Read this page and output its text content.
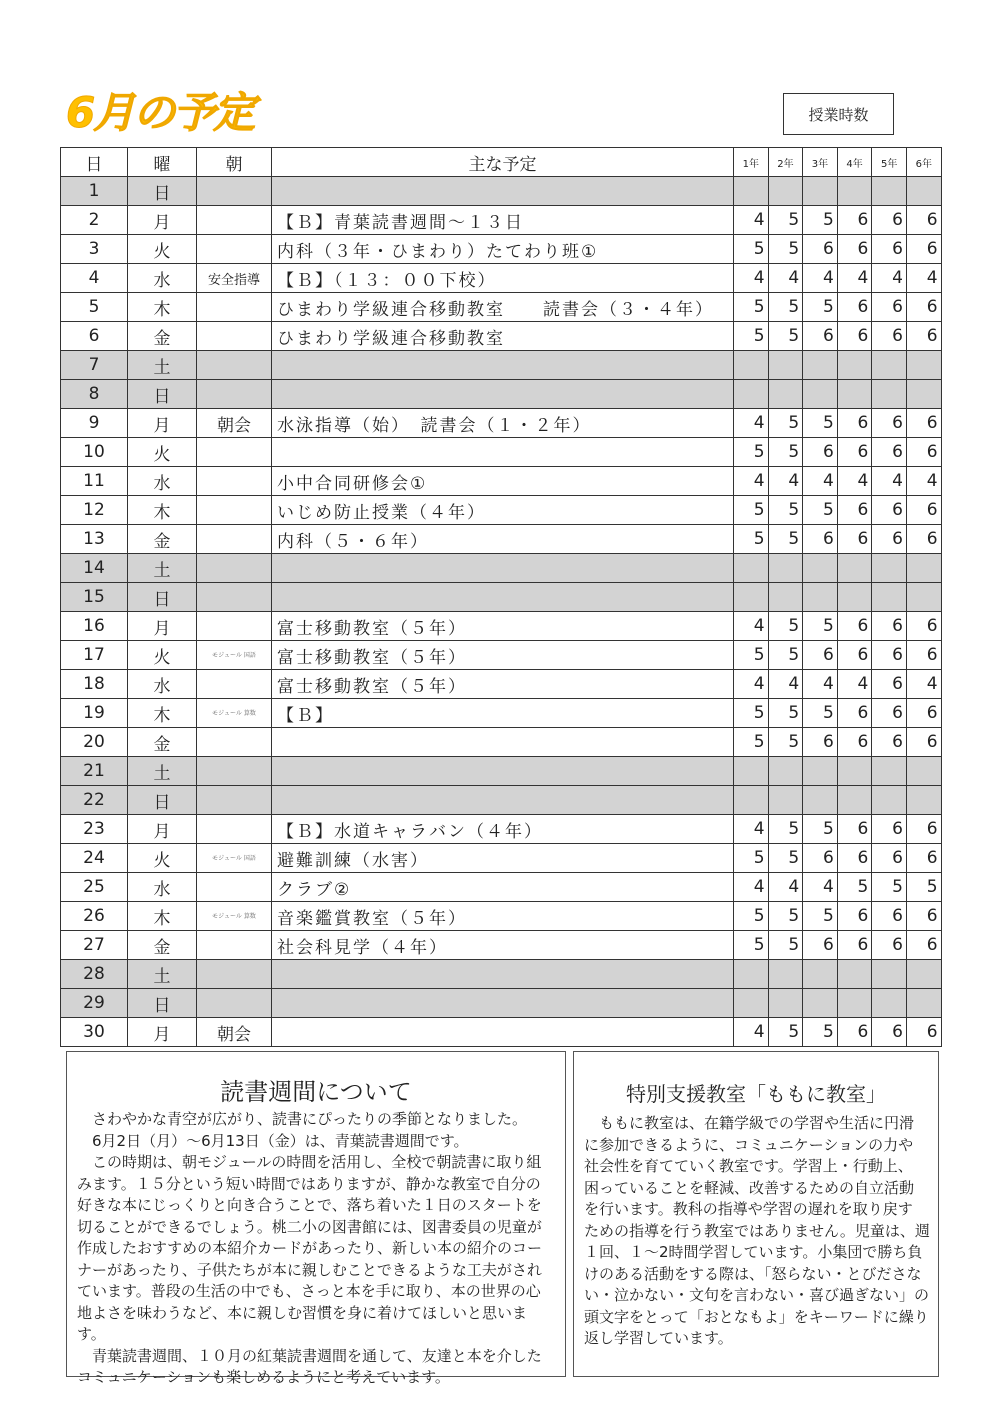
6月の予定	授業時数
日	曜	朝	主な予定	1年	2年	3年	4年	5年	6年
1	日								
2	月		【Ｂ】青葉読書週間～１３日	4	5	5	6	6	6
3	火		内科（３年・ひまわり）たてわり班①	5	5	6	6	6	6
4	水	安全指導	【Ｂ】（１３：００下校）	4	4	4	4	4	4
5	木		ひまわり学級連合移動教室　　読書会（３・４年）	5	5	5	6	6	6
6	金		ひまわり学級連合移動教室	5	5	6	6	6	6
7	土								
8	日								
9	月	朝会	水泳指導（始）　読書会（１・２年）	4	5	5	6	6	6
10	火			5	5	6	6	6	6
11	水		小中合同研修会①	4	4	4	4	4	4
12	木		いじめ防止授業（４年）	5	5	5	6	6	6
13	金		内科（５・６年）	5	5	6	6	6	6
14	土								
15	日								
16	月		富士移動教室（５年）	4	5	5	6	6	6
17	火	モジュール 国語	富士移動教室（５年）	5	5	6	6	6	6
18	水		富士移動教室（５年）	4	4	4	4	6	4
19	木	モジュール 算数	【Ｂ】	5	5	5	6	6	6
20	金			5	5	6	6	6	6
21	土								
22	日								
23	月		【Ｂ】水道キャラバン（４年）	4	5	5	6	6	6
24	火	モジュール 国語	避難訓練（水害）	5	5	6	6	6	6
25	水		クラブ②	4	4	4	5	5	5
26	木	モジュール 算数	音楽鑑賞教室（５年）	5	5	5	6	6	6
27	金		社会科見学（４年）	5	5	6	6	6	6
28	土								
29	日								
30	月	朝会		4	5	5	6	6	6
読書週間について
　さわやかな青空が広がり、読書にぴったりの季節となりました。
　6月2日（月）～6月13日（金）は、青葉読書週間です。
　この時期は、朝モジュールの時間を活用し、全校で朝読書に取り組
みます。１５分という短い時間ではありますが、静かな教室で自分の
好きな本にじっくりと向き合うことで、落ち着いた１日のスタートを
切ることができるでしょう。桃二小の図書館には、図書委員の児童が
作成したおすすめの本紹介カードがあったり、新しい本の紹介のコー
ナーがあったり、子供たちが本に親しむことできるような工夫がされ
ています。普段の生活の中でも、さっと本を手に取り、本の世界の心
地よさを味わうなど、本に親しむ習慣を身に着けてほしいと思いま
す。
　青葉読書週間、１０月の紅葉読書週間を通して、友達と本を介した
コミュニケーションも楽しめるようにと考えています。
特別支援教室「ももに教室」
　ももに教室は、在籍学級での学習や生活に円滑
に参加できるように、コミュニケーションの力や
社会性を育てていく教室です。学習上・行動上、
困っていることを軽減、改善するための自立活動
を行います。教科の指導や学習の遅れを取り戻す
ための指導を行う教室ではありません。児童は、週
１回、１～2時間学習しています。小集団で勝ち負
けのある活動をする際は、「怒らない・とびださな
い・泣かない・文句を言わない・喜び過ぎない」の
頭文字をとって「おとなもよ」をキーワードに繰り
返し学習しています。
